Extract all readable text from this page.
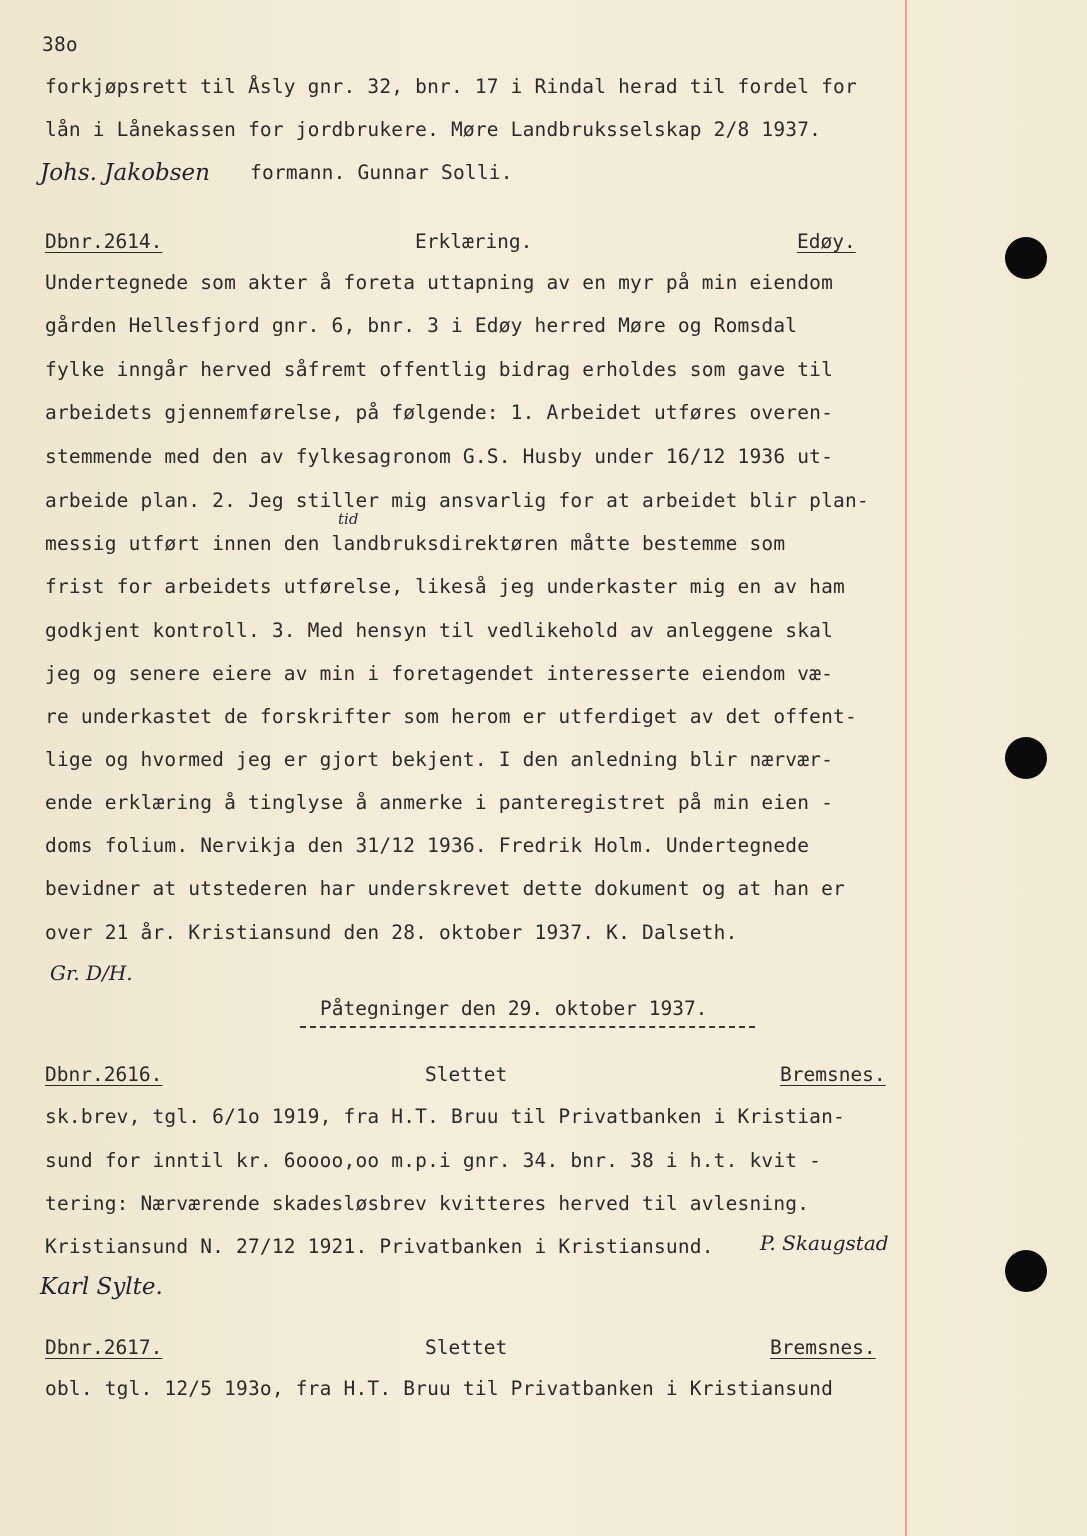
38o
forkjøpsrett til Åsly gnr. 32, bnr. 17 i Rindal herad til fordel for
lån i Lånekassen for jordbrukere. Møre Landbruksselskap 2/8 1937.
Johs. Jakobsen formann. Gunnar Solli.
Dbnr.2614.	Erklæring.	Edøy.
Undertegnede som akter å foreta uttapning av en myr på min eiendom
gården Hellesfjord gnr. 6, bnr. 3 i Edøy herred Møre og Romsdal
fylke inngår herved såfremt offentlig bidrag erholdes som gave til
arbeidets gjennemførelse, på følgende: 1. Arbeidet utføres overen-
stemmende med den av fylkesagronom G.S. Husby under 16/12 1936 ut-
arbeide plan. 2. Jeg stiller mig ansvarlig for at arbeidet blir plan-
tid
messig utført innen den landbruksdirektøren måtte bestemme som
frist for arbeidets utførelse, likeså jeg underkaster mig en av ham
godkjent kontroll. 3. Med hensyn til vedlikehold av anleggene skal
jeg og senere eiere av min i foretagendet interesserte eiendom væ-
re underkastet de forskrifter som herom er utferdiget av det offent-
lige og hvormed jeg er gjort bekjent. I den anledning blir nærvær-
ende erklæring å tinglyse å anmerke i panteregistret på min eien -
doms folium. Nervikja den 31/12 1936. Fredrik Holm. Undertegnede
bevidner at utstederen har underskrevet dette dokument og at han er
over 21 år. Kristiansund den 28. oktober 1937. K. Dalseth.
Gr. D/H.
Påtegninger den 29. oktober 1937.
Dbnr.2616.	Slettet	Bremsnes.
sk.brev, tgl. 6/1o 1919, fra H.T. Bruu til Privatbanken i Kristian-
sund for inntil kr. 6oooo,oo m.p.i gnr. 34. bnr. 38 i h.t. kvit -
tering: Nærværende skadesløsbrev kvitteres herved til avlesning.
Kristiansund N. 27/12 1921. Privatbanken i Kristiansund. P. Skaugstad
Karl Sylte.
Dbnr.2617.	Slettet	Bremsnes.
obl. tgl. 12/5 193o, fra H.T. Bruu til Privatbanken i Kristiansund
